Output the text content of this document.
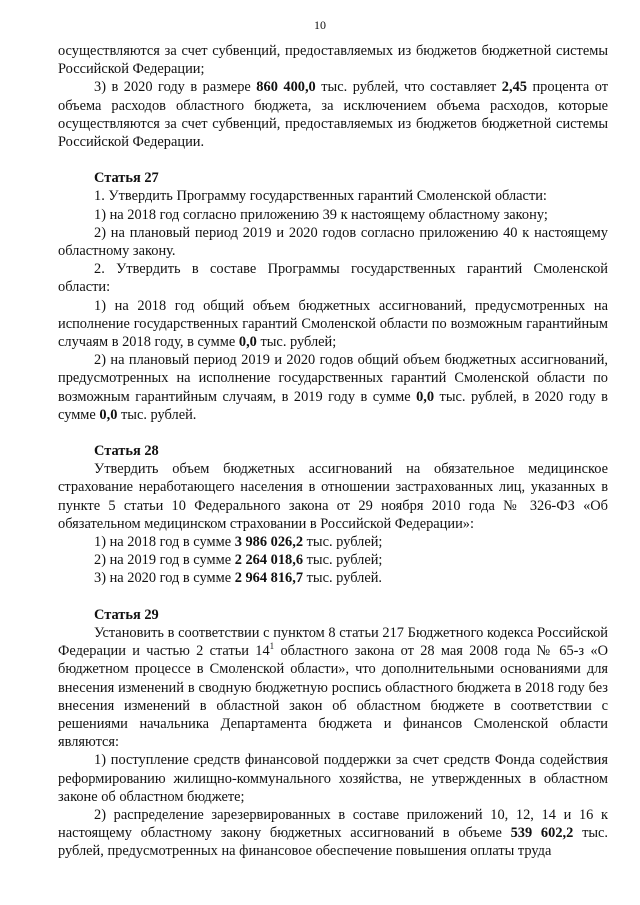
10

осуществляются за счет субвенций, предоставляемых из бюджетов бюджетной системы Российской Федерации;

3) в 2020 году в размере 860 400,0 тыс. рублей, что составляет 2,45 процента от объема расходов областного бюджета, за исключением объема расходов, которые осуществляются за счет субвенций, предоставляемых из бюджетов бюджетной системы Российской Федерации.

Статья 27

1. Утвердить Программу государственных гарантий Смоленской области:

1) на 2018 год согласно приложению 39 к настоящему областному закону;

2) на плановый период 2019 и 2020 годов согласно приложению 40 к настоящему областному закону.

2. Утвердить в составе Программы государственных гарантий Смоленской области:

1) на 2018 год общий объем бюджетных ассигнований, предусмотренных на исполнение государственных гарантий Смоленской области по возможным гарантийным случаям в 2018 году, в сумме 0,0 тыс. рублей;

2) на плановый период 2019 и 2020 годов общий объем бюджетных ассигнований, предусмотренных на исполнение государственных гарантий Смоленской области по возможным гарантийным случаям, в 2019 году в сумме 0,0 тыс. рублей, в 2020 году в сумме 0,0 тыс. рублей.

Статья 28

Утвердить объем бюджетных ассигнований на обязательное медицинское страхование неработающего населения в отношении застрахованных лиц, указанных в пункте 5 статьи 10 Федерального закона от 29 ноября 2010 года № 326-ФЗ «Об обязательном медицинском страховании в Российской Федерации»:

1) на 2018 год в сумме 3 986 026,2 тыс. рублей;

2) на 2019 год в сумме 2 264 018,6 тыс. рублей;

3) на 2020 год в сумме 2 964 816,7 тыс. рублей.

Статья 29

Установить в соответствии с пунктом 8 статьи 217 Бюджетного кодекса Российской Федерации и частью 2 статьи $14^1$ областного закона от 28 мая 2008 года № 65-з «О бюджетном процессе в Смоленской области», что дополнительными основаниями для внесения изменений в сводную бюджетную роспись областного бюджета в 2018 году без внесения изменений в областной закон об областном бюджете в соответствии с решениями начальника Департамента бюджета и финансов Смоленской области являются:

1) поступление средств финансовой поддержки за счет средств Фонда содействия реформированию жилищно-коммунального хозяйства, не утвержденных в областном законе об областном бюджете;

2) распределение зарезервированных в составе приложений 10, 12, 14 и 16 к настоящему областному закону бюджетных ассигнований в объеме 539 602,2 тыс. рублей, предусмотренных на финансовое обеспечение повышения оплаты труда
